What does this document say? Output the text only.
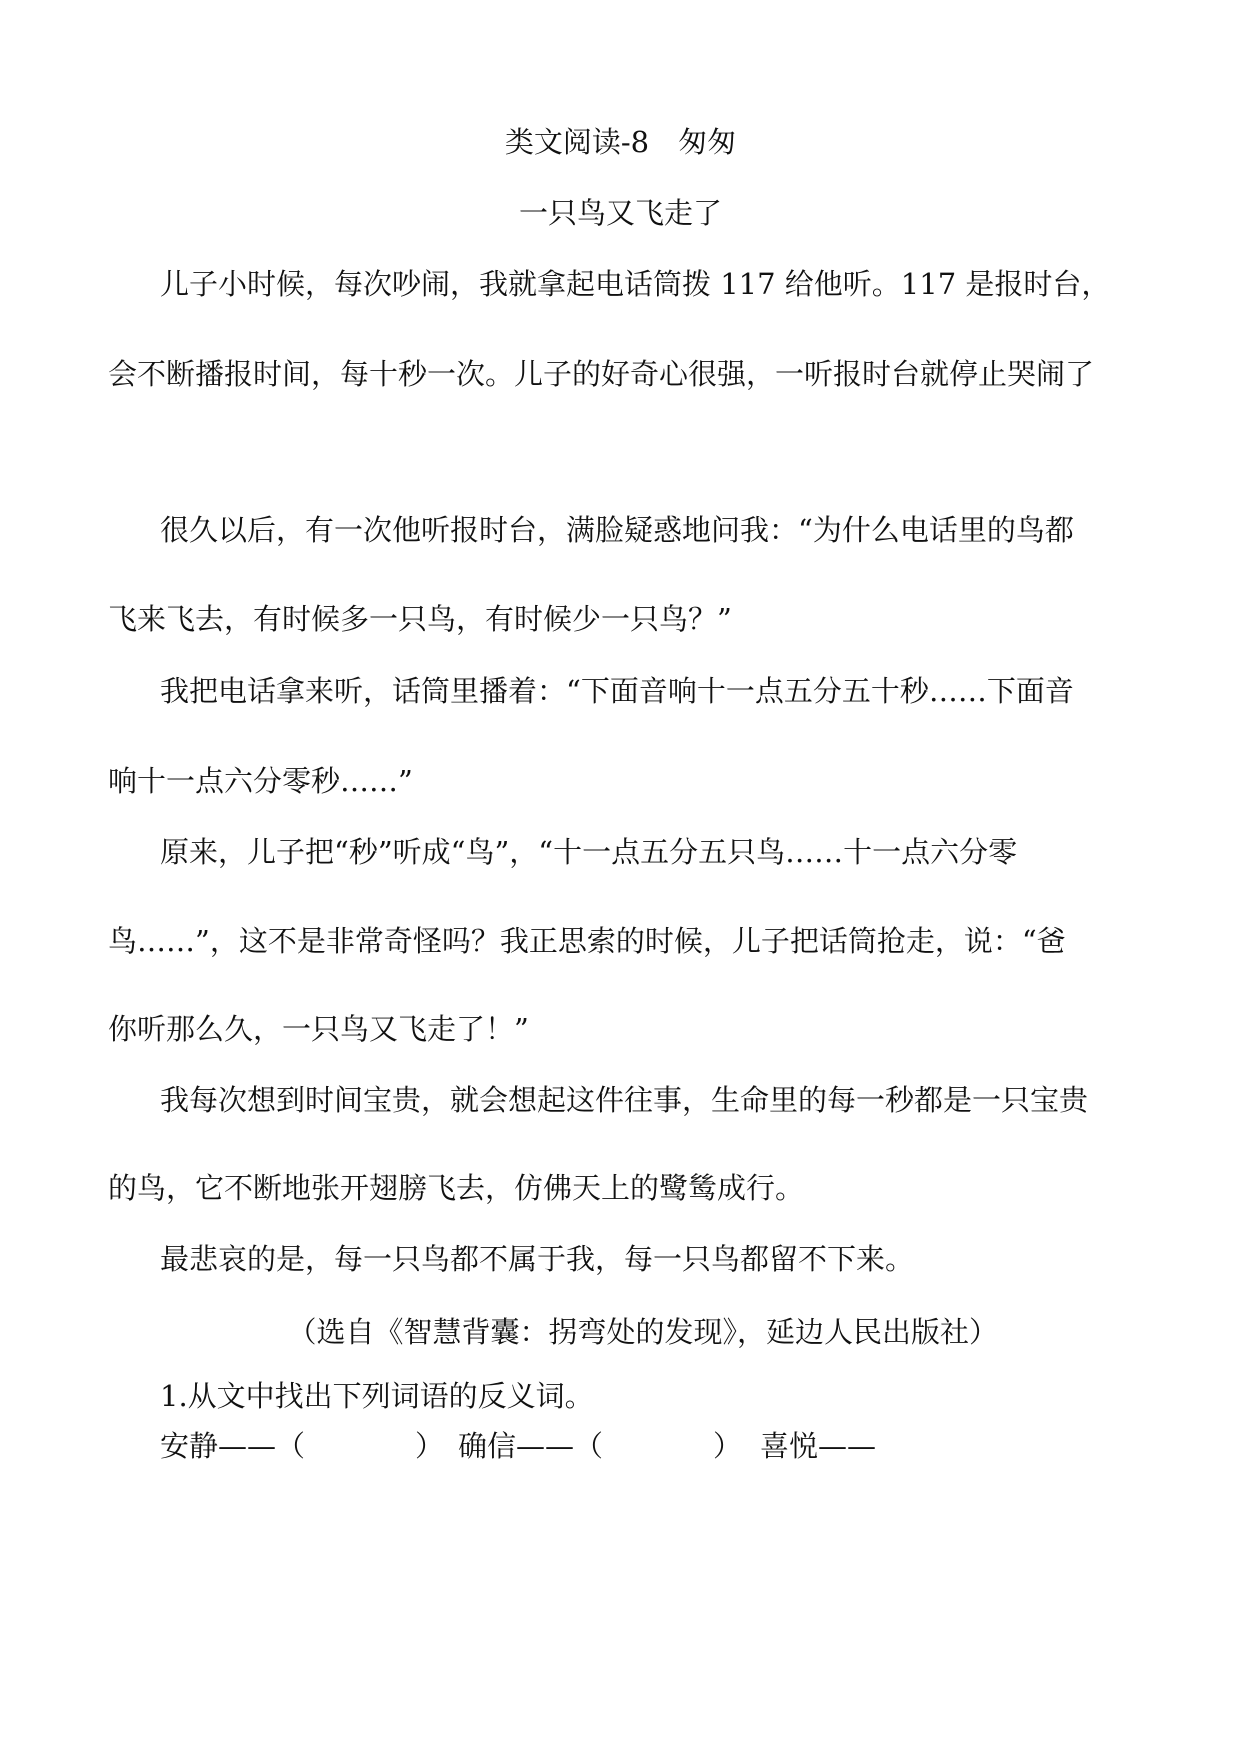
类文阅读-8　匆匆
一只鸟又飞走了
儿子小时候，每次吵闹，我就拿起电话筒拨 117 给他听。117 是报时台，
会不断播报时间，每十秒一次。儿子的好奇心很强，一听报时台就停止哭闹了
很久以后，有一次他听报时台，满脸疑惑地问我：“为什么电话里的鸟都
飞来飞去，有时候多一只鸟，有时候少一只鸟？”
我把电话拿来听，话筒里播着：“下面音响十一点五分五十秒……下面音
响十一点六分零秒……”
原来，儿子把“秒”听成“鸟”，“十一点五分五只鸟……十一点六分零
鸟……”，这不是非常奇怪吗？我正思索的时候，儿子把话筒抢走，说：“爸
你听那么久，一只鸟又飞走了！”
我每次想到时间宝贵，就会想起这件往事，生命里的每一秒都是一只宝贵
的鸟，它不断地张开翅膀飞去，仿佛天上的鹭鸶成行。
最悲哀的是，每一只鸟都不属于我，每一只鸟都留不下来。
（选自《智慧背囊：拐弯处的发现》，延边人民出版社）
1.从文中找出下列词语的反义词。
安静——（	） 确信——（	） 喜悦——
